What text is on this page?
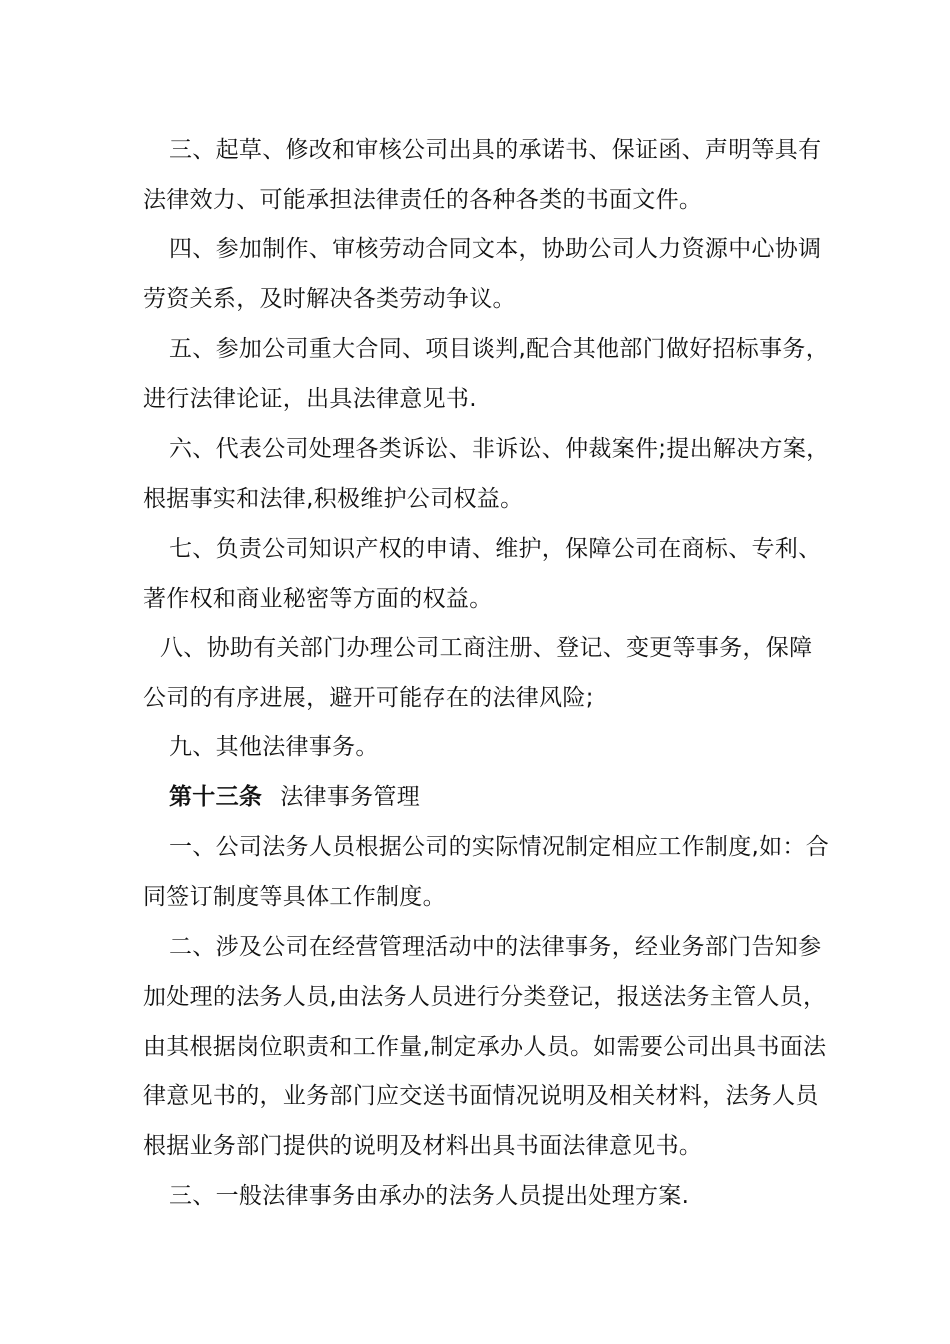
三、起草、修改和审核公司出具的承诺书、保证函、声明等具有
法律效力、可能承担法律责任的各种各类的书面文件。
四、参加制作、审核劳动合同文本，协助公司人力资源中心协调
劳资关系，及时解决各类劳动争议。
五、参加公司重大合同、项目谈判,配合其他部门做好招标事务，
进行法律论证，出具法律意见书.
六、代表公司处理各类诉讼、非诉讼、仲裁案件;提出解决方案，
根据事实和法律,积极维护公司权益。
七、负责公司知识产权的申请、维护，保障公司在商标、专利、
著作权和商业秘密等方面的权益。
八、协助有关部门办理公司工商注册、登记、变更等事务，保障
公司的有序进展，避开可能存在的法律风险;
九、其他法律事务。
第十三条 法律事务管理
一、公司法务人员根据公司的实际情况制定相应工作制度,如：合
同签订制度等具体工作制度。
二、涉及公司在经营管理活动中的法律事务，经业务部门告知参
加处理的法务人员,由法务人员进行分类登记，报送法务主管人员，
由其根据岗位职责和工作量,制定承办人员。如需要公司出具书面法
律意见书的，业务部门应交送书面情况说明及相关材料，法务人员
根据业务部门提供的说明及材料出具书面法律意见书。
三、一般法律事务由承办的法务人员提出处理方案.
